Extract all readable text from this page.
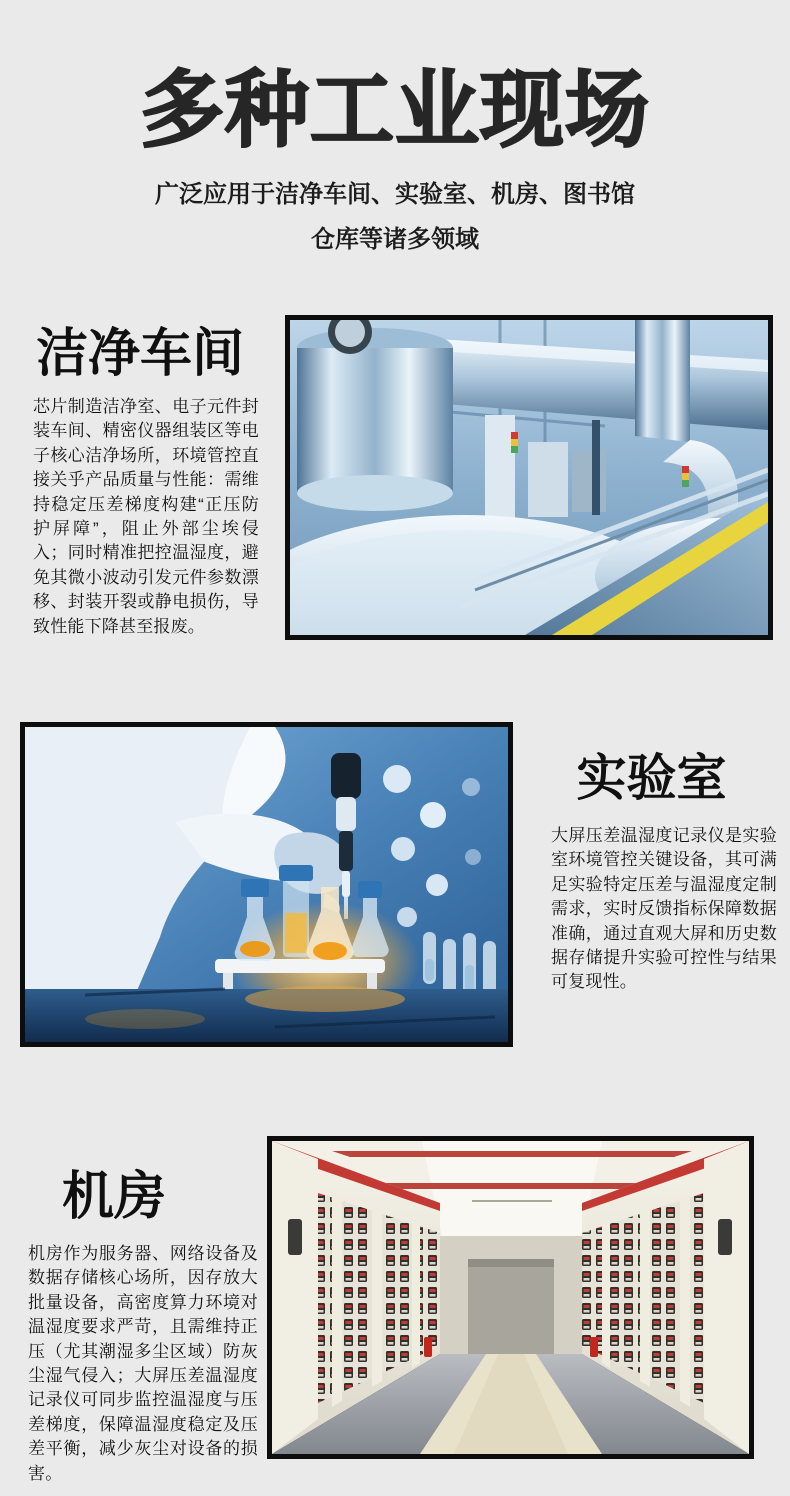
多种工业现场

广泛应用于洁净车间、实验室、机房、图书馆

仓库等诸多领域

洁净车间

芯片制造洁净室、电子元件封装车间、精密仪器组装区等电子核心洁净场所，环境管控直接关乎产品质量与性能：需维持稳定压差梯度构建“正压防护屏障”，阻止外部尘埃侵入；同时精准把控温湿度，避免其微小波动引发元件参数漂移、封装开裂或静电损伤，导致性能下降甚至报废。

实验室

大屏压差温湿度记录仪是实验室环境管控关键设备，其可满足实验特定压差与温湿度定制需求，实时反馈指标保障数据准确，通过直观大屏和历史数据存储提升实验可控性与结果可复现性。

机房

机房作为服务器、网络设备及数据存储核心场所，因存放大批量设备，高密度算力环境对温湿度要求严苛，且需维持正压（尤其潮湿多尘区域）防灰尘湿气侵入；大屏压差温湿度记录仪可同步监控温湿度与压差梯度，保障温湿度稳定及压差平衡，减少灰尘对设备的损害。
